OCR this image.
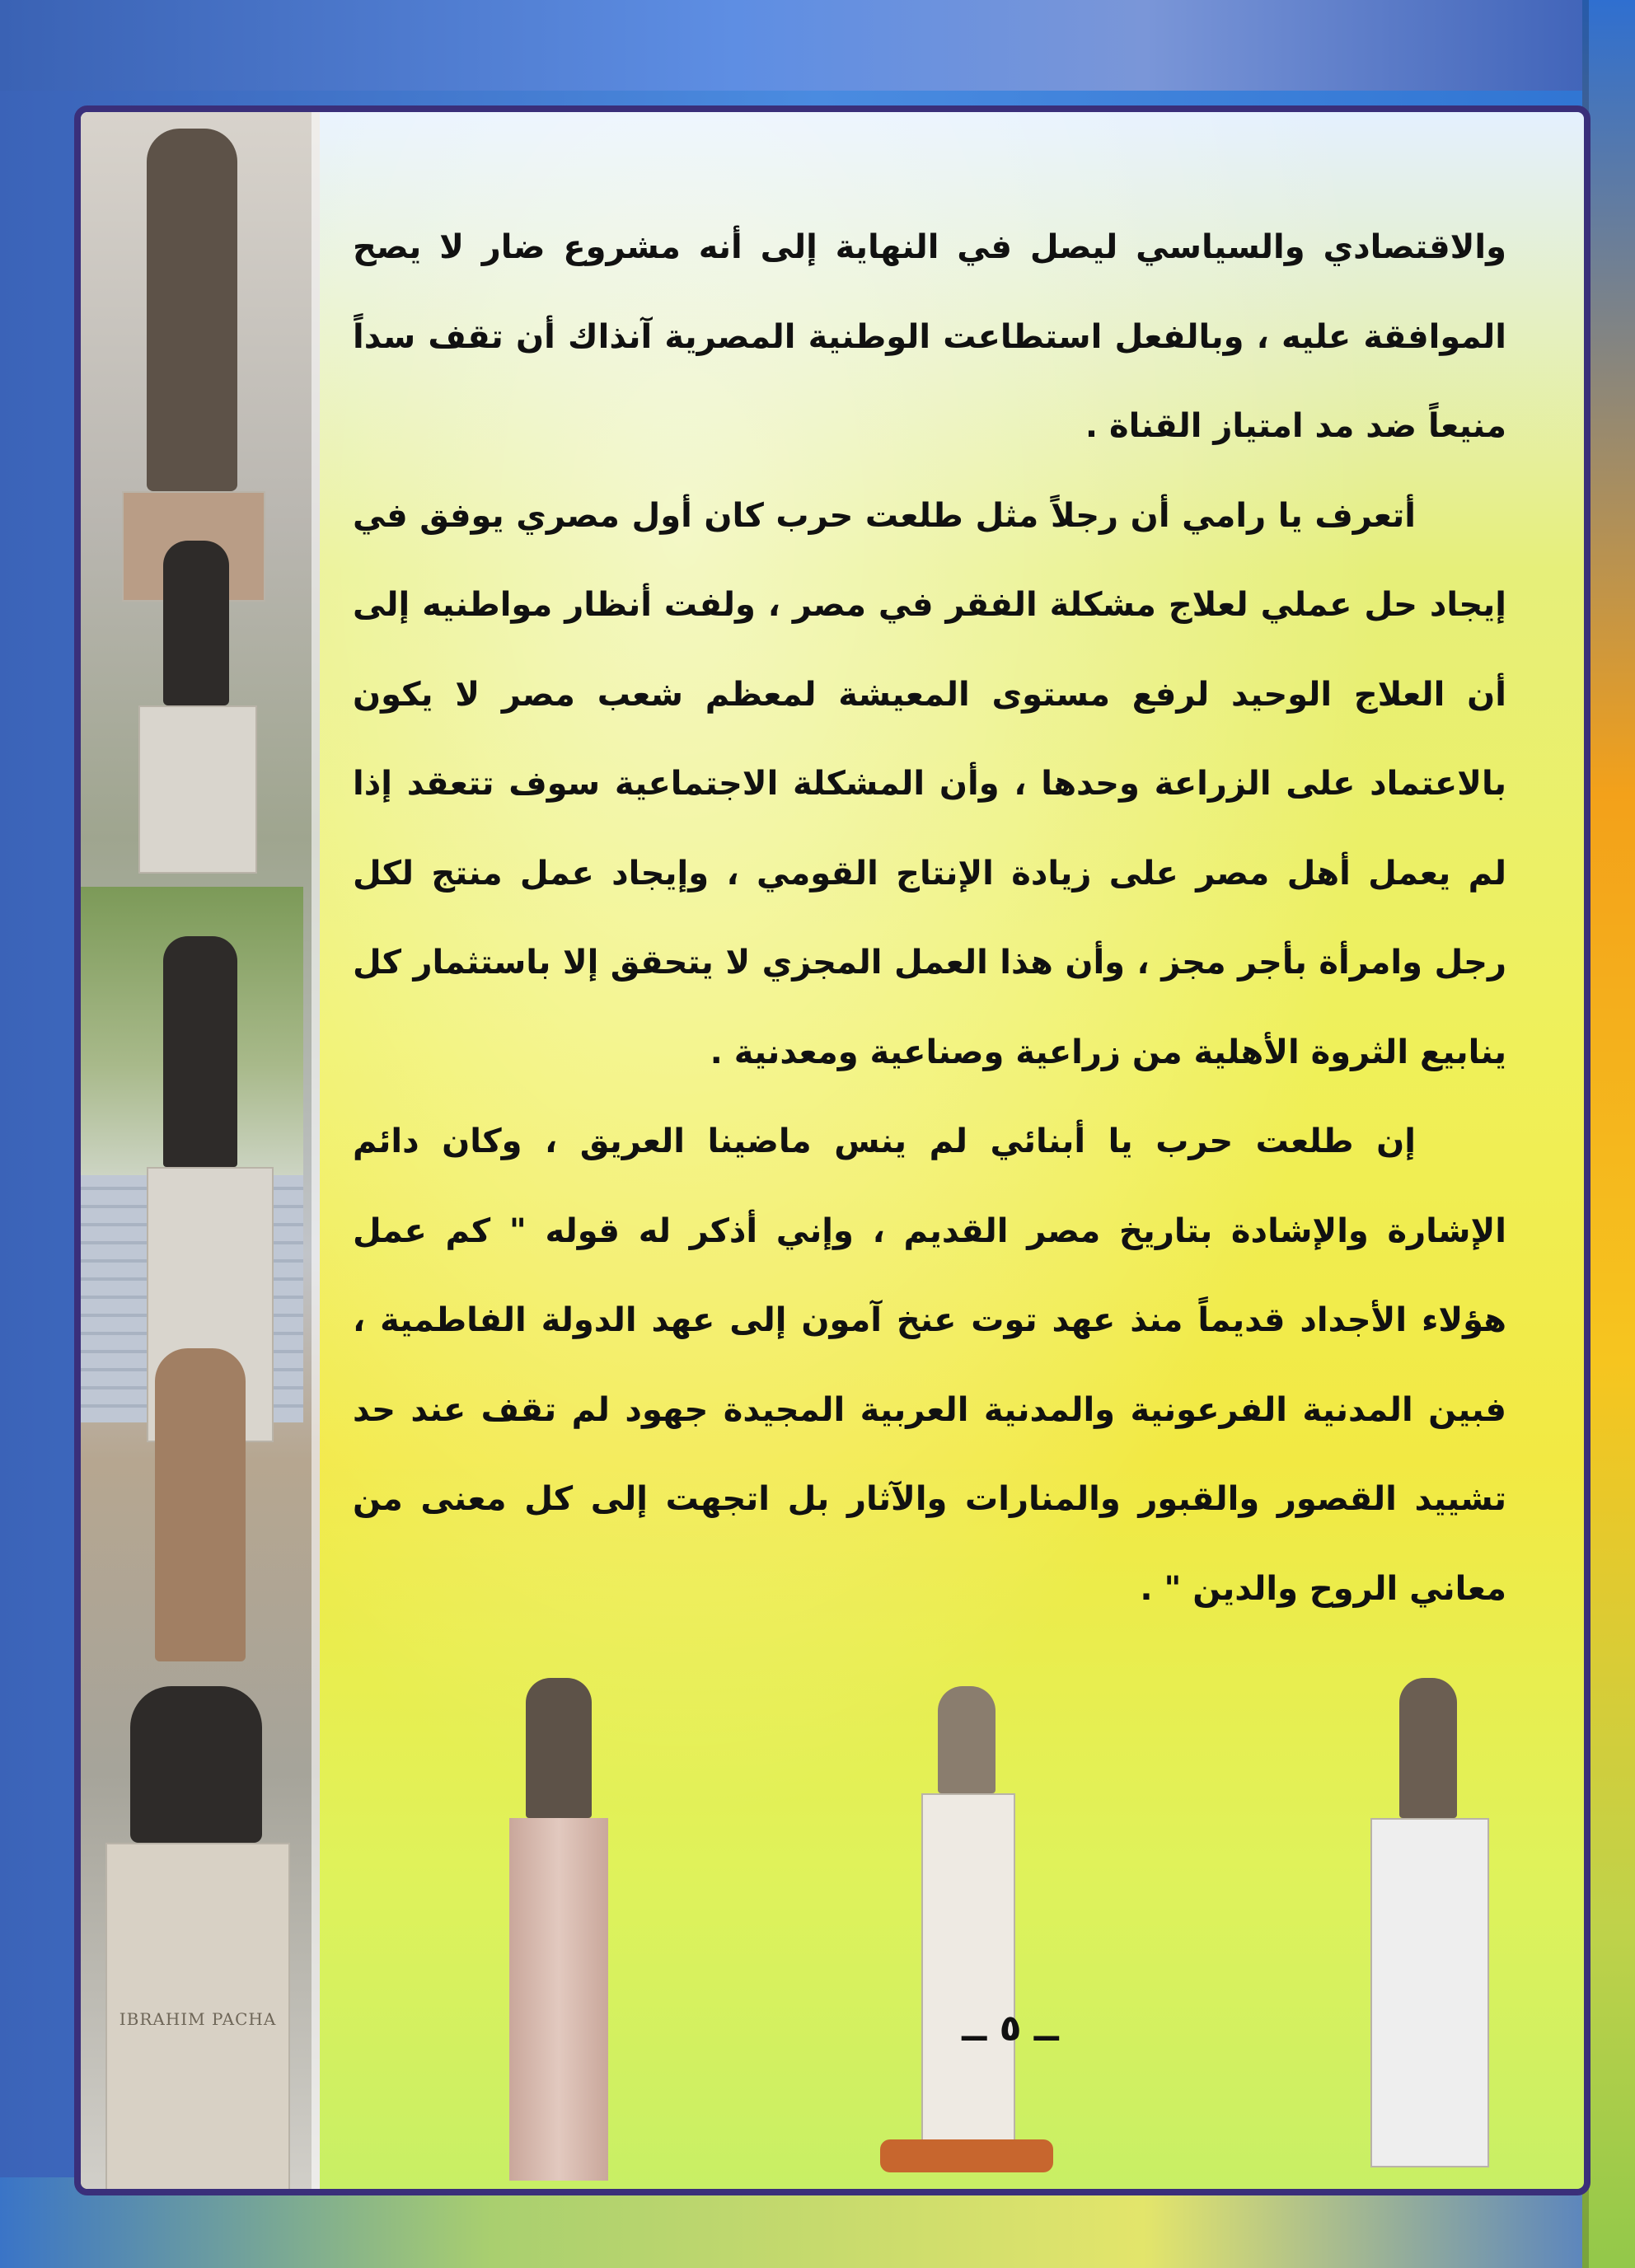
IBRAHIM PACHA

والاقتصادي والسياسي ليصل في النهاية إلى أنه مشروع ضار لا يصح الموافقة عليه ، وبالفعل استطاعت الوطنية المصرية آنذاك أن تقف سداً منيعاً ضد مد امتياز القناة .

أتعرف يا رامي أن رجلاً مثل طلعت حرب كان أول مصري يوفق في إيجاد حل عملي لعلاج مشكلة الفقر في مصر ، ولفت أنظار مواطنيه إلى أن العلاج الوحيد لرفع مستوى المعيشة لمعظم شعب مصر لا يكون بالاعتماد على الزراعة وحدها ، وأن المشكلة الاجتماعية سوف تتعقد إذا لم يعمل أهل مصر على زيادة الإنتاج القومي ، وإيجاد عمل منتج لكل رجل وامرأة بأجر مجز ، وأن هذا العمل المجزي لا يتحقق إلا باستثمار كل ينابيع الثروة الأهلية من زراعية وصناعية ومعدنية .

إن طلعت حرب يا أبنائي لم ينس ماضينا العريق ، وكان دائم الإشارة والإشادة بتاريخ مصر القديم ، وإني أذكر له قوله " كم عمل هؤلاء الأجداد قديماً منذ عهد توت عنخ آمون إلى عهد الدولة الفاطمية ، فبين المدنية الفرعونية والمدنية العربية المجيدة جهود لم تقف عند حد تشييد القصور والقبور والمنارات والآثار بل اتجهت إلى كل معنى من معاني الروح والدين " .

ــ ٥ ــ
